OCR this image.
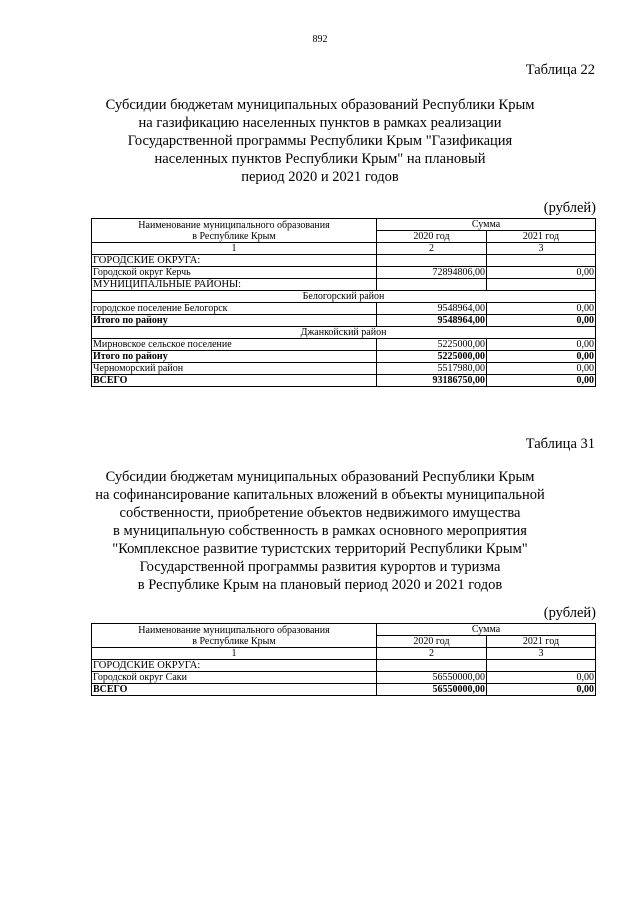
892
Таблица 22
Субсидии бюджетам муниципальных образований Республики Крым
на газификацию населенных пунктов в рамках реализации
Государственной программы Республики Крым "Газификация
населенных пунктов Республики Крым" на плановый
период 2020 и 2021 годов
(рублей)
Наименование муниципального образования
в Республике Крым	Сумма	
	2020 год	2021 год
1	2	3
ГОРОДСКИЕ ОКРУГА:		
Городской округ Керчь	72894806,00	0,00
МУНИЦИПАЛЬНЫЕ РАЙОНЫ:		
Белогорский район		
городское поселение Белогорск	9548964,00	0,00
Итого по району	9548964,00	0,00
Джанкойский район		
Мирновское сельское поселение	5225000,00	0,00
Итого по району	5225000,00	0,00
Черноморский район	5517980,00	0,00
ВСЕГО	93186750,00	0,00
Таблица 31
Субсидии бюджетам муниципальных образований Республики Крым
на софинансирование капитальных вложений в объекты муниципальной
собственности, приобретение объектов недвижимого имущества
в муниципальную собственность в рамках основного мероприятия
"Комплексное развитие туристских территорий Республики Крым"
Государственной программы развития курортов и туризма
в Республике Крым на плановый период 2020 и 2021 годов
(рублей)
Наименование муниципального образования
в Республике Крым	Сумма	
	2020 год	2021 год
1	2	3
ГОРОДСКИЕ ОКРУГА:		
Городской округ Саки	56550000,00	0,00
ВСЕГО	56550000,00	0,00
